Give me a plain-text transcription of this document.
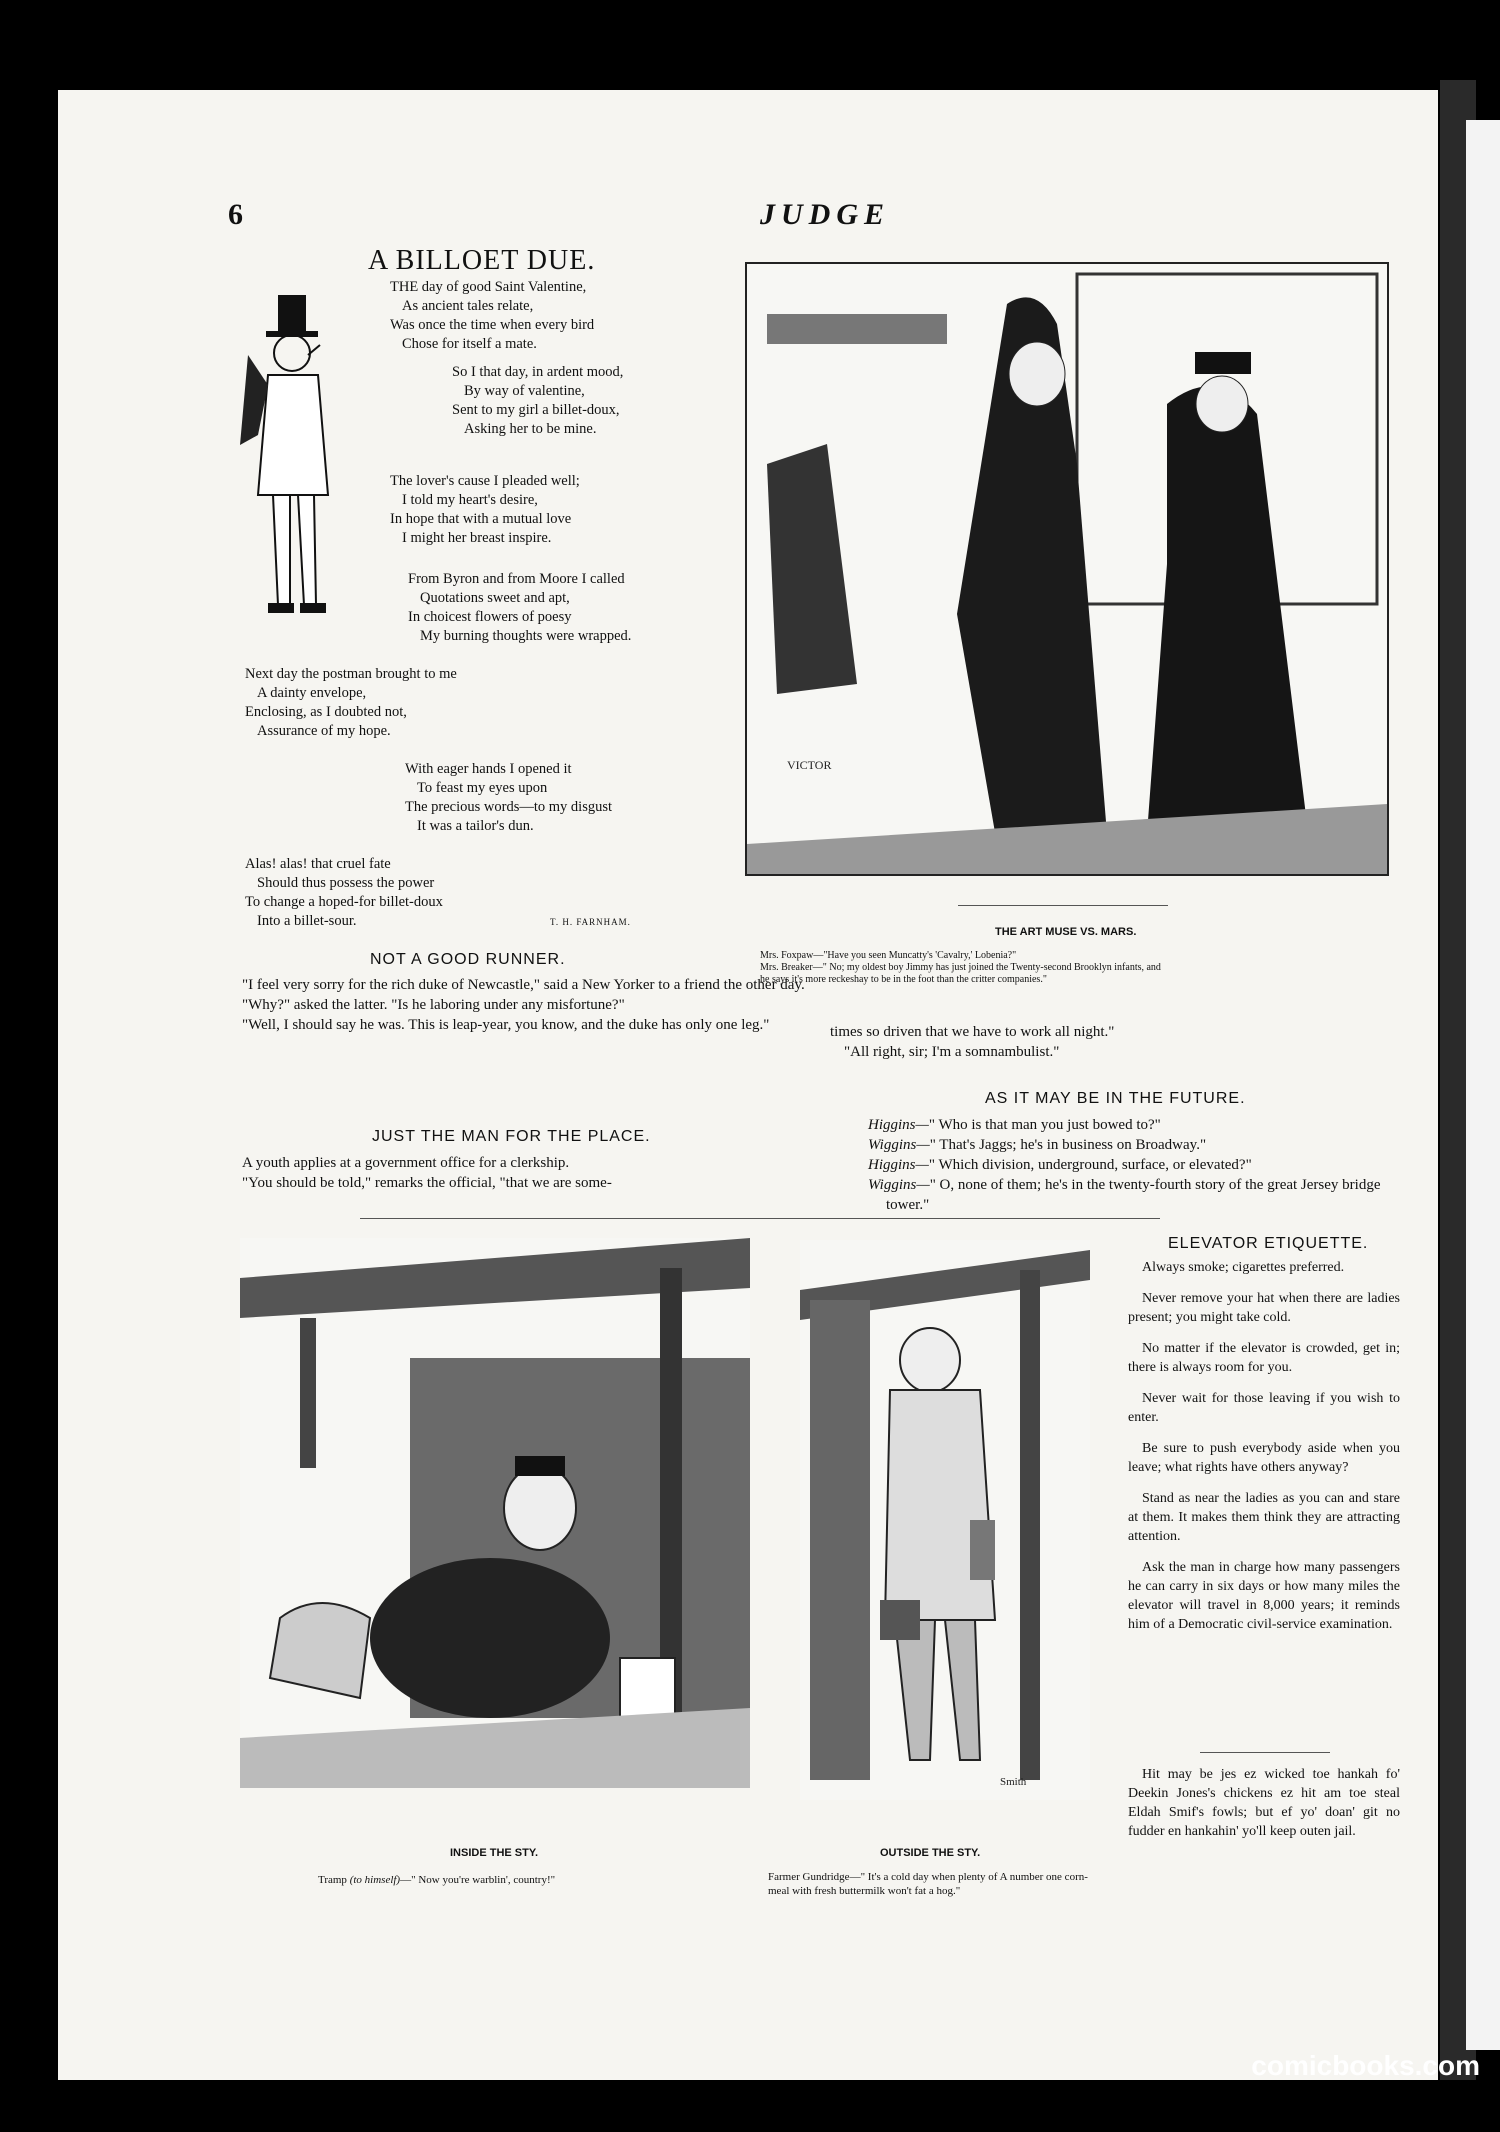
6	JUDGE
A BILLOET DUE.
THE day of good Saint Valentine,
As ancient tales relate,
Was once the time when every bird
Chose for itself a mate.
So I that day, in ardent mood,
By way of valentine,
Sent to my girl a billet-doux,
Asking her to be mine.
The lover's cause I pleaded well;
I told my heart's desire,
In hope that with a mutual love
I might her breast inspire.
From Byron and from Moore I called
Quotations sweet and apt,
In choicest flowers of poesy
My burning thoughts were wrapped.
Next day the postman brought to me
A dainty envelope,
Enclosing, as I doubted not,
Assurance of my hope.
With eager hands I opened it
To feast my eyes upon
The precious words—to my disgust
It was a tailor's dun.
Alas! alas! that cruel fate
Should thus possess the power
To change a hoped-for billet-doux
Into a billet-sour.	T. H. FARNHAM.
VICTOR
THE ART MUSE VS. MARS.
Mrs. Foxpaw—"Have you seen Muncatty's 'Cavalry,' Lobenia?"
Mrs. Breaker—" No; my oldest boy Jimmy has just joined the Twenty-second Brooklyn infants, and
he says it's more reckeshay to be in the foot than the critter companies."
NOT A GOOD RUNNER.

"I feel very sorry for the rich duke of Newcastle," said a New Yorker to a friend the other day.

"Why?" asked the latter. "Is he laboring under any misfortune?"

"Well, I should say he was. This is leap-year, you know, and the duke has only one leg."

JUST THE MAN FOR THE PLACE.

A youth applies at a government office for a clerkship.

"You should be told," remarks the official, "that we are some-

times so driven that we have to work all night."

"All right, sir; I'm a somnambulist."

AS IT MAY BE IN THE FUTURE.

Higgins—" Who is that man you just bowed to?"

Wiggins—" That's Jaggs; he's in business on Broadway."

Higgins—" Which division, underground, surface, or elevated?"

Wiggins—" O, none of them; he's in the twenty-fourth story of the great Jersey bridge tower."

INSIDE THE STY.
Tramp (to himself)—" Now you're warblin', country!"
Smith
OUTSIDE THE STY.
Farmer Gundridge—" It's a cold day when plenty of A number one corn-meal with fresh buttermilk won't fat a hog."
ELEVATOR ETIQUETTE.

Always smoke; cigarettes preferred.

Never remove your hat when there are ladies present; you might take cold.

No matter if the elevator is crowded, get in; there is always room for you.

Never wait for those leaving if you wish to enter.

Be sure to push everybody aside when you leave; what rights have others anyway?

Stand as near the ladies as you can and stare at them. It makes them think they are attracting attention.

Ask the man in charge how many passengers he can carry in six days or how many miles the elevator will travel in 8,000 years; it reminds him of a Democratic civil-service examination.

Hit may be jes ez wicked toe hankah fo' Deekin Jones's chickens ez hit am toe steal Eldah Smif's fowls; but ef yo' doan' git no fudder en hankahin' yo'll keep outen jail.

comicbooks.com
